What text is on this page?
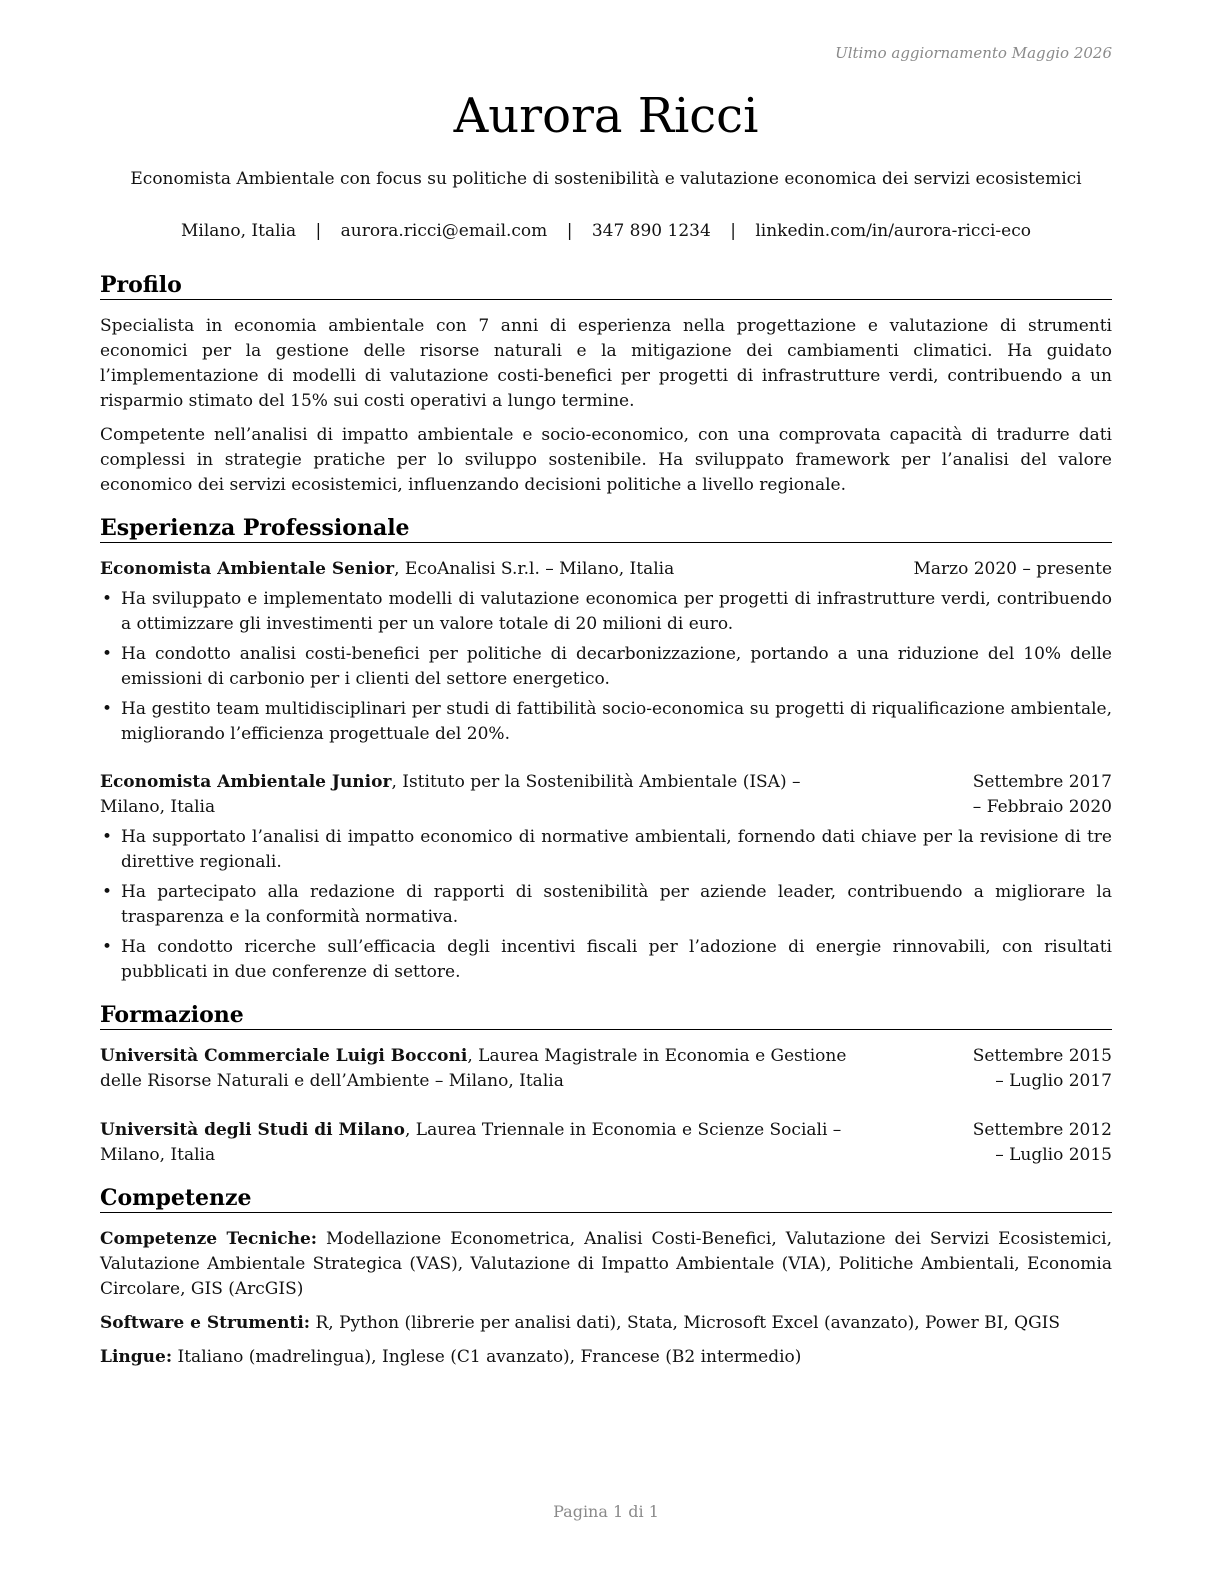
Ultimo aggiornamento Maggio 2026
Aurora Ricci
Economista Ambientale con focus su politiche di sostenibilità e valutazione economica dei servizi ecosistemici
Milano, Italia | aurora.ricci@email.com | 347 890 1234 | linkedin.com/in/aurora-ricci-eco
Profilo
Specialista in economia ambientale con 7 anni di esperienza nella progettazione e valutazione di strumenti economici per la gestione delle risorse naturali e la mitigazione dei cambiamenti climatici. Ha guidato l’implementazione di modelli di valutazione costi-benefici per progetti di infrastrutture verdi, contribuendo a un risparmio stimato del 15% sui costi operativi a lungo termine.
Competente nell’analisi di impatto ambientale e socio-economico, con una comprovata capacità di tradurre dati complessi in strategie pratiche per lo sviluppo sostenibile. Ha sviluppato framework per l’analisi del valore economico dei servizi ecosistemici, influenzando decisioni politiche a livello regionale.
Esperienza Professionale
Economista Ambientale Senior, EcoAnalisi S.r.l. – Milano, Italia	Marzo 2020 – presente
• Ha sviluppato e implementato modelli di valutazione economica per progetti di infrastrutture verdi, contribuendo a ottimizzare gli investimenti per un valore totale di 20 milioni di euro.
• Ha condotto analisi costi-benefici per politiche di decarbonizzazione, portando a una riduzione del 10% delle emissioni di carbonio per i clienti del settore energetico.
• Ha gestito team multidisciplinari per studi di fattibilità socio-economica su progetti di riqualificazione ambientale, migliorando l’efficienza progettuale del 20%.
Economista Ambientale Junior, Istituto per la Sostenibilità Ambientale (ISA) – Milano, Italia
Settembre 2017 – Febbraio 2020
• Ha supportato l’analisi di impatto economico di normative ambientali, fornendo dati chiave per la revisione di tre direttive regionali.
• Ha partecipato alla redazione di rapporti di sostenibilità per aziende leader, contribuendo a migliorare la trasparenza e la conformità normativa.
• Ha condotto ricerche sull’efficacia degli incentivi fiscali per l’adozione di energie rinnovabili, con risultati pubblicati in due conferenze di settore.
Formazione
Università Commerciale Luigi Bocconi, Laurea Magistrale in Economia e Gestione delle Risorse Naturali e dell’Ambiente – Milano, Italia
Settembre 2015 – Luglio 2017
Università degli Studi di Milano, Laurea Triennale in Economia e Scienze Sociali – Milano, Italia
Settembre 2012 – Luglio 2015
Competenze
Competenze Tecniche: Modellazione Econometrica, Analisi Costi-Benefici, Valutazione dei Servizi Ecosistemici, Valutazione Ambientale Strategica (VAS), Valutazione di Impatto Ambientale (VIA), Politiche Ambientali, Economia Circolare, GIS (ArcGIS)
Software e Strumenti: R, Python (librerie per analisi dati), Stata, Microsoft Excel (avanzato), Power BI, QGIS
Lingue: Italiano (madrelingua), Inglese (C1 avanzato), Francese (B2 intermedio)
Pagina 1 di 1
